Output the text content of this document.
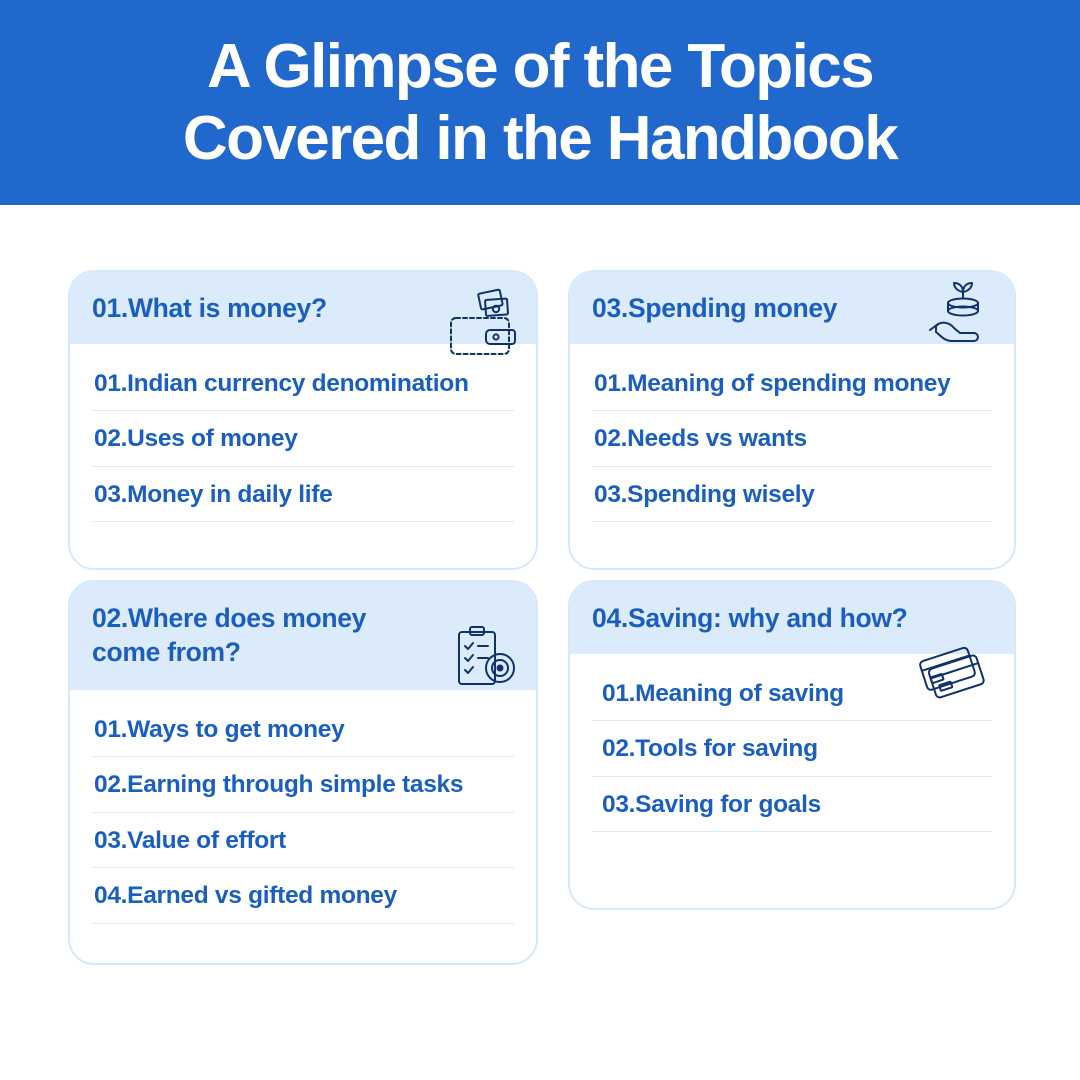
A Glimpse of the Topics
Covered in the Handbook
01.What is money?
01.Indian currency denomination
02.Uses of money
03.Money in daily life
03.Spending money
01.Meaning of spending money
02.Needs vs wants
03.Spending wisely
02.Where does money come from?
01.Ways to get money
02.Earning through simple tasks
03.Value of effort
04.Earned vs gifted money
04.Saving: why and how?
01.Meaning of saving
02.Tools for saving
03.Saving for goals
